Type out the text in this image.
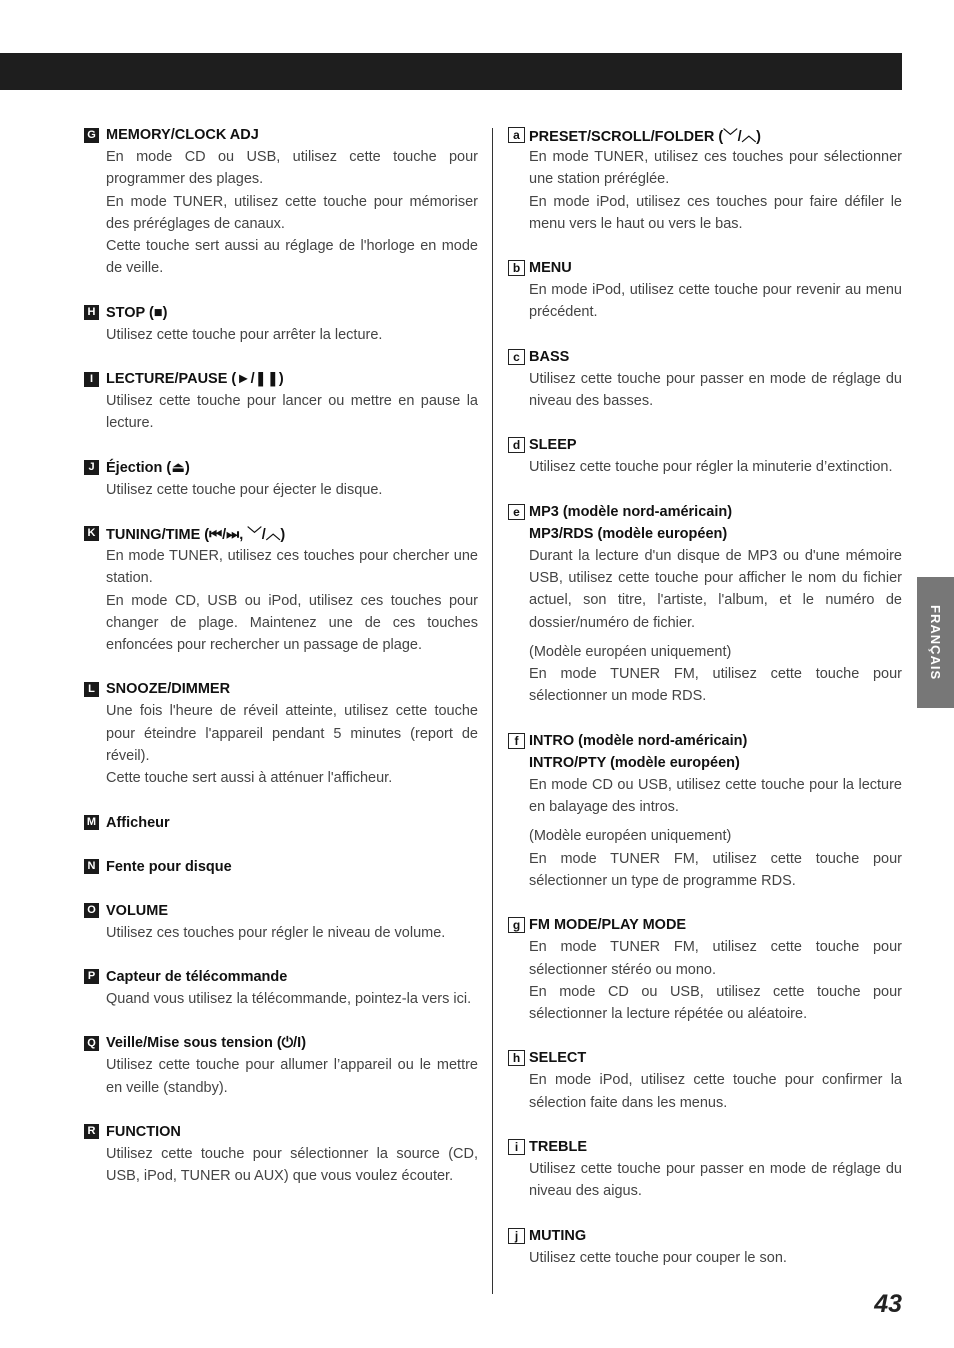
G MEMORY/CLOCK ADJ

En mode CD ou USB, utilisez cette touche pour programmer des plages.

En mode TUNER, utilisez cette touche pour mémoriser des préréglages de canaux.

Cette touche sert aussi au réglage de l'horloge en mode de veille.

H STOP (■)

Utilisez cette touche pour arrêter la lecture.

I LECTURE/PAUSE (►/❚❚)

Utilisez cette touche pour lancer ou mettre en pause la lecture.

J Éjection (⏏)

Utilisez cette touche pour éjecter le disque.

K TUNING/TIME (⏮/⏭, ﹀/︿)

En mode TUNER, utilisez ces touches pour chercher une station.

En mode CD, USB ou iPod, utilisez ces touches pour changer de plage. Maintenez une de ces touches enfoncées pour rechercher un passage de plage.

L SNOOZE/DIMMER

Une fois l'heure de réveil atteinte, utilisez cette touche pour éteindre l'appareil pendant 5 minutes (report de réveil).

Cette touche sert aussi à atténuer l'afficheur.

M Afficheur
N Fente pour disque
O VOLUME

Utilisez ces touches pour régler le niveau de volume.

P Capteur de télécommande

Quand vous utilisez la télécommande, pointez-la vers ici.

Q Veille/Mise sous tension (⏻/I)

Utilisez cette touche pour allumer l’appareil ou le mettre en veille (standby).

R FUNCTION

Utilisez cette touche pour sélectionner la source (CD, USB, iPod, TUNER ou AUX) que vous voulez écouter.

a PRESET/SCROLL/FOLDER (﹀/︿)

En mode TUNER, utilisez ces touches pour sélectionner une station préréglée.

En mode iPod, utilisez ces touches pour faire défiler le menu vers le haut ou vers le bas.

b MENU

En mode iPod, utilisez cette touche pour revenir au menu précédent.

c BASS

Utilisez cette touche pour passer en mode de réglage du niveau des basses.

d SLEEP

Utilisez cette touche pour régler la minuterie d’extinction.

e MP3 (modèle nord-américain)
MP3/RDS (modèle européen)

Durant la lecture d'un disque de MP3 ou d'une mémoire USB, utilisez cette touche pour afficher le nom du fichier actuel, son titre, l'artiste, l'album, et le numéro de dossier/numéro de fichier.

(Modèle européen uniquement)

En mode TUNER FM, utilisez cette touche pour sélectionner un mode RDS.

f INTRO (modèle nord-américain)
INTRO/PTY (modèle européen)

En mode CD ou USB, utilisez cette touche pour la lecture en balayage des intros.

(Modèle européen uniquement)

En mode TUNER FM, utilisez cette touche pour sélectionner un type de programme RDS.

g FM MODE/PLAY MODE

En mode TUNER FM, utilisez cette touche pour sélectionner stéréo ou mono.

En mode CD ou USB, utilisez cette touche pour sélectionner la lecture répétée ou aléatoire.

h SELECT

En mode iPod, utilisez cette touche pour confirmer la sélection faite dans les menus.

i TREBLE

Utilisez cette touche pour passer en mode de réglage du niveau des aigus.

j MUTING

Utilisez cette touche pour couper le son.

FRANÇAIS
43
